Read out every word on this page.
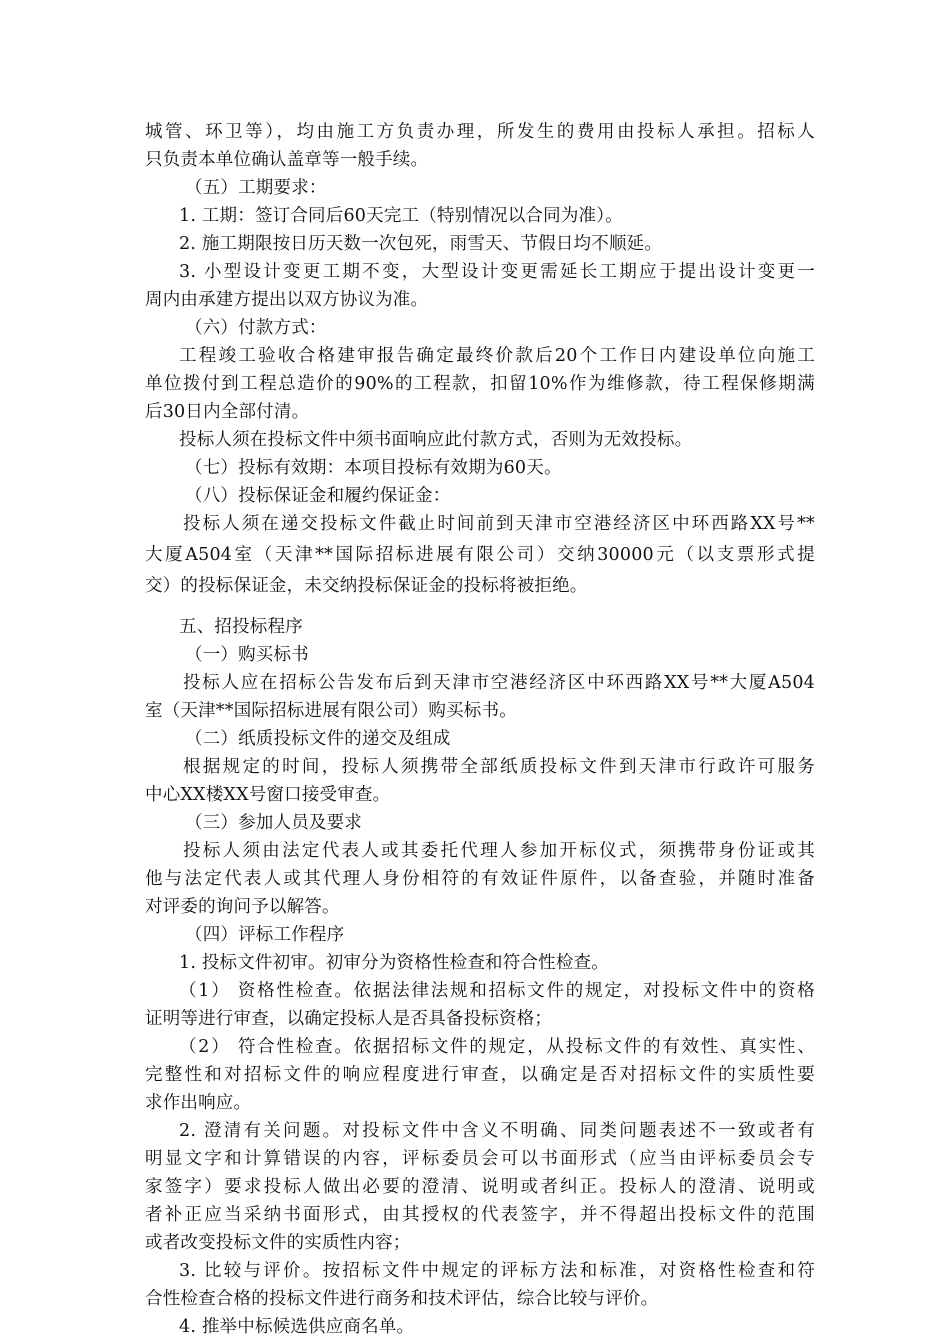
城管、环卫等），均由施工方负责办理，所发生的费用由投标人承担。招标人
只负责本单位确认盖章等一般手续。
（五）工期要求：
1. 工期：签订合同后60天完工（特别情况以合同为准）。
2. 施工期限按日历天数一次包死，雨雪天、节假日均不顺延。
3. 小型设计变更工期不变，大型设计变更需延长工期应于提出设计变更一
周内由承建方提出以双方协议为准。
（六）付款方式：
工程竣工验收合格建审报告确定最终价款后20个工作日内建设单位向施工
单位拨付到工程总造价的90%的工程款，扣留10%作为维修款，待工程保修期满
后30日内全部付清。
投标人须在投标文件中须书面响应此付款方式，否则为无效投标。
（七）投标有效期：本项目投标有效期为60天。
（八）投标保证金和履约保证金：
投标人须在递交投标文件截止时间前到天津市空港经济区中环西路XX号**
大厦A504室（天津**国际招标进展有限公司）交纳30000元（以支票形式提
交）的投标保证金，未交纳投标保证金的投标将被拒绝。
五、招投标程序
（一）购买标书
投标人应在招标公告发布后到天津市空港经济区中环西路XX号**大厦A504
室（天津**国际招标进展有限公司）购买标书。
（二）纸质投标文件的递交及组成
根据规定的时间，投标人须携带全部纸质投标文件到天津市行政许可服务
中心XX楼XX号窗口接受审查。
（三）参加人员及要求
投标人须由法定代表人或其委托代理人参加开标仪式，须携带身份证或其
他与法定代表人或其代理人身份相符的有效证件原件，以备查验，并随时准备
对评委的询问予以解答。
（四）评标工作程序
1. 投标文件初审。初审分为资格性检查和符合性检查。
（1） 资格性检查。依据法律法规和招标文件的规定，对投标文件中的资格
证明等进行审查，以确定投标人是否具备投标资格；
（2） 符合性检查。依据招标文件的规定，从投标文件的有效性、真实性、
完整性和对招标文件的响应程度进行审查，以确定是否对招标文件的实质性要
求作出响应。
2. 澄清有关问题。对投标文件中含义不明确、同类问题表述不一致或者有
明显文字和计算错误的内容，评标委员会可以书面形式（应当由评标委员会专
家签字）要求投标人做出必要的澄清、说明或者纠正。投标人的澄清、说明或
者补正应当采纳书面形式，由其授权的代表签字，并不得超出投标文件的范围
或者改变投标文件的实质性内容；
3. 比较与评价。按招标文件中规定的评标方法和标准，对资格性检查和符
合性检查合格的投标文件进行商务和技术评估，综合比较与评价。
4. 推举中标候选供应商名单。
